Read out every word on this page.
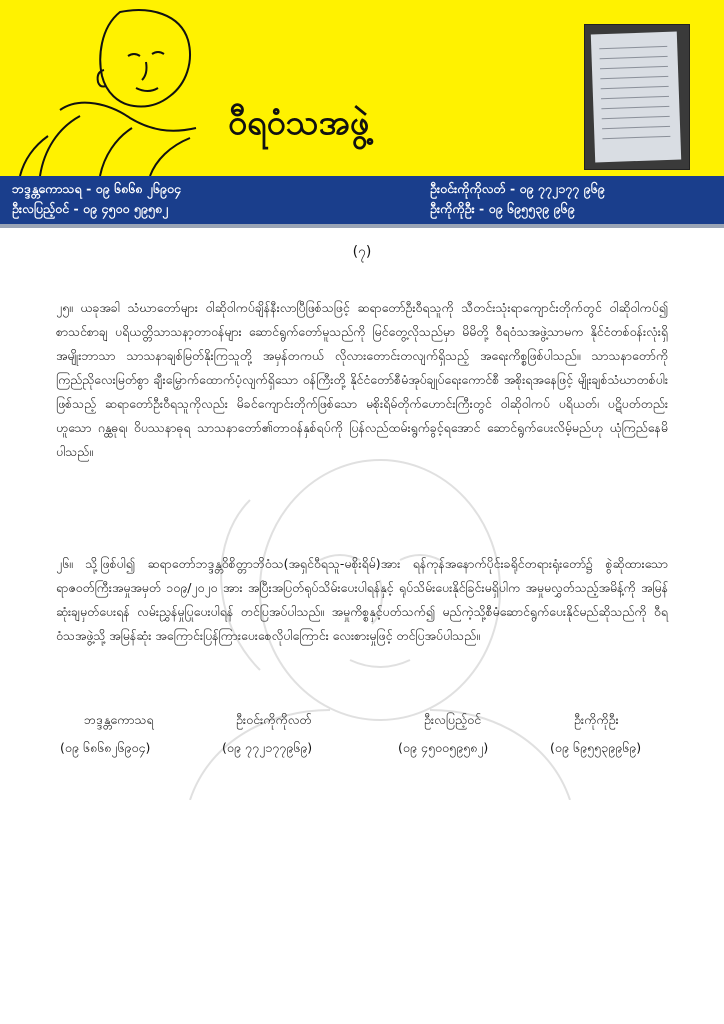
ဝီရဝံသအဖွဲ့
ဘဒ္ဒန္တကောသရ - ၀၉ ၆၈၆၈ ၂၆၉၀၄
ဦးလပြည့်ဝင် - ၀၉ ၄၅၀၀ ၅၉၅၈၂
ဦးဝင်းကိုကိုလတ် - ၀၉ ၇၇၂၁၇၇ ၉၆၉
ဦးကိုကိုဦး - ၀၉ ၆၉၅၅၃၉ ၉၆၉
(၇)
၂၅။ ယခုအခါ သံဃာတော်များ ဝါဆိုဝါကပ်ချိန်နီးလာပြီဖြစ်သဖြင့် ဆရာတော်ဦးဝီရသူကို သီတင်းသုံးရာကျောင်းတိုက်တွင် ဝါဆိုဝါကပ်၍ စာသင်စာချ ပရိယတ္တိသာသနာ့တာဝန်များ ဆောင်ရွက်တော်မူသည်ကို မြင်တွေ့လိုသည်မှာ မိမိတို့ ဝီရဝံသအဖွဲ့သာမက နိုင်ငံတစ်ဝန်းလုံးရှိ အမျိုးဘာသာ သာသနာချစ်မြတ်နိုးကြသူတို့ အမှန်တကယ် လိုလားတောင်းတလျက်ရှိသည့် အရေးကိစ္စဖြစ်ပါသည်။ သာသနာတော်ကို ကြည်ညိုလေးမြတ်စွာ ချီးမြှောက်ထောက်ပံ့လျက်ရှိသော ဝန်ကြီးတို့ နိုင်ငံတော်စီမံအုပ်ချုပ်ရေးကောင်စီ အစိုးရအနေဖြင့် မျိုးချစ်သံဃာတစ်ပါးဖြစ်သည့် ဆရာတော်ဦးဝီရသူကိုလည်း မိခင်ကျောင်းတိုက်ဖြစ်သော မစိုးရိမ်တိုက်ဟောင်းကြီးတွင် ဝါဆိုဝါကပ် ပရိယတ်၊ ပဋိပတ်တည်းဟူသော ဂန္ထဓုရ၊ ဝိပဿနာဓုရ သာသနာတော်၏တာဝန်နှစ်ရပ်ကို ပြန်လည်ထမ်းရွက်ခွင့်ရအောင် ဆောင်ရွက်ပေးလိမ့်မည်ဟု ယုံကြည်နေမိပါသည်။
၂၆။ သို့ဖြစ်ပါ၍ ဆရာတော်ဘဒ္ဒန္တဝိစိတ္တာဘိဝံသ(အရှင်ဝီရသူ-မစိုးရိမ်)အား ရန်ကုန်အနောက်ပိုင်းခရိုင်တရားရုံးတော်၌ စွဲဆိုထားသော ရာဇဝတ်ကြီးအမှုအမှတ် ၁၀၉/၂၀၂၀ အား အပြီးအပြတ်ရုပ်သိမ်းပေးပါရန်နှင့် ရုပ်သိမ်းပေးနိုင်ခြင်းမရှိပါက အမှုမလွှတ်သည့်အမိန့်ကို အမြန်ဆုံးချမှတ်ပေးရန် လမ်းညွှန်မှုပြုပေးပါရန် တင်ပြအပ်ပါသည်။ အမှုကိစ္စနှင့်ပတ်သက်၍ မည်ကဲ့သို့စီမံဆောင်ရွက်ပေးနိုင်မည်ဆိုသည်ကို ဝီရဝံသအဖွဲ့သို့ အမြန်ဆုံး အကြောင်းပြန်ကြားပေးစေလိုပါကြောင်း လေးစားမှုဖြင့် တင်ပြအပ်ပါသည်။
ဘဒ္ဒန္တကောသရ
(၀၉ ၆၈၆၈၂၆၉၀၄)
ဦးဝင်းကိုကိုလတ်
(၀၉ ၇၇၂၁၇၇၉၆၉)
ဦးလပြည့်ဝင်
(၀၉ ၄၅၀၀၅၉၅၈၂)
ဦးကိုကိုဦး
(၀၉ ၆၉၅၅၃၉၉၆၉)
